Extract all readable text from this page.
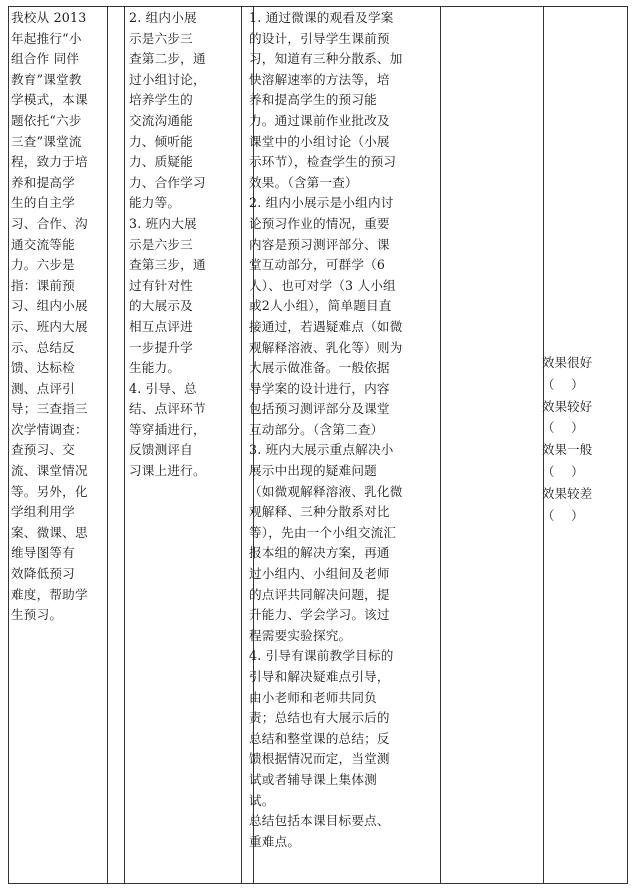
我校从 2013
年起推行“小
组合作 同伴
教育”课堂教
学模式，本课
题依托“六步
三查”课堂流
程，致力于培
养和提高学
生的自主学
习、合作、沟
通交流等能
力。六步是
指：课前预
习、组内小展
示、班内大展
示、总结反
馈、达标检
测、点评引
导；三查指三
次学情调查：
查预习、交
流、课堂情况
等。另外，化
学组利用学
案、微课、思
维导图等有
效降低预习
难度，帮助学
生预习。
2. 组内小展
示是六步三
查第二步，通
过小组讨论，
培养学生的
交流沟通能
力、倾听能
力、质疑能
力、合作学习
能力等。
3. 班内大展
示是六步三
查第三步，通
过有针对性
的大展示及
相互点评进
一步提升学
生能力。
4. 引导、总
结、点评环节
等穿插进行，
反馈测评自
习课上进行。
1. 通过微课的观看及学案
的设计，引导学生课前预
习，知道有三种分散系、加
快溶解速率的方法等，培
养和提高学生的预习能
力。通过课前作业批改及
课堂中的小组讨论（小展
示环节），检查学生的预习
效果。（含第一查）
2. 组内小展示是小组内讨
论预习作业的情况，重要
内容是预习测评部分、课
堂互动部分，可群学（6
人）、也可对学（3 人小组
或2人小组），简单题目直
接通过，若遇疑难点（如微
观解释溶液、乳化等）则为
大展示做准备。一般依据
导学案的设计进行，内容
包括预习测评部分及课堂
互动部分。（含第二查）
3. 班内大展示重点解决小
展示中出现的疑难问题
（如微观解释溶液、乳化微
观解释、三种分散系对比
等），先由一个小组交流汇
报本组的解决方案，再通
过小组内、小组间及老师
的点评共同解决问题，提
升能力、学会学习。该过
程需要实验探究。
4. 引导有课前教学目标的
引导和解决疑难点引导，
由小老师和老师共同负
责；总结也有大展示后的
总结和整堂课的总结；反
馈根据情况而定，当堂测
试或者辅导课上集体测
试。
总结包括本课目标要点、
重难点。
效果很好
（    ）
效果较好
（    ）
效果一般
（    ）
效果较差
（    ）
